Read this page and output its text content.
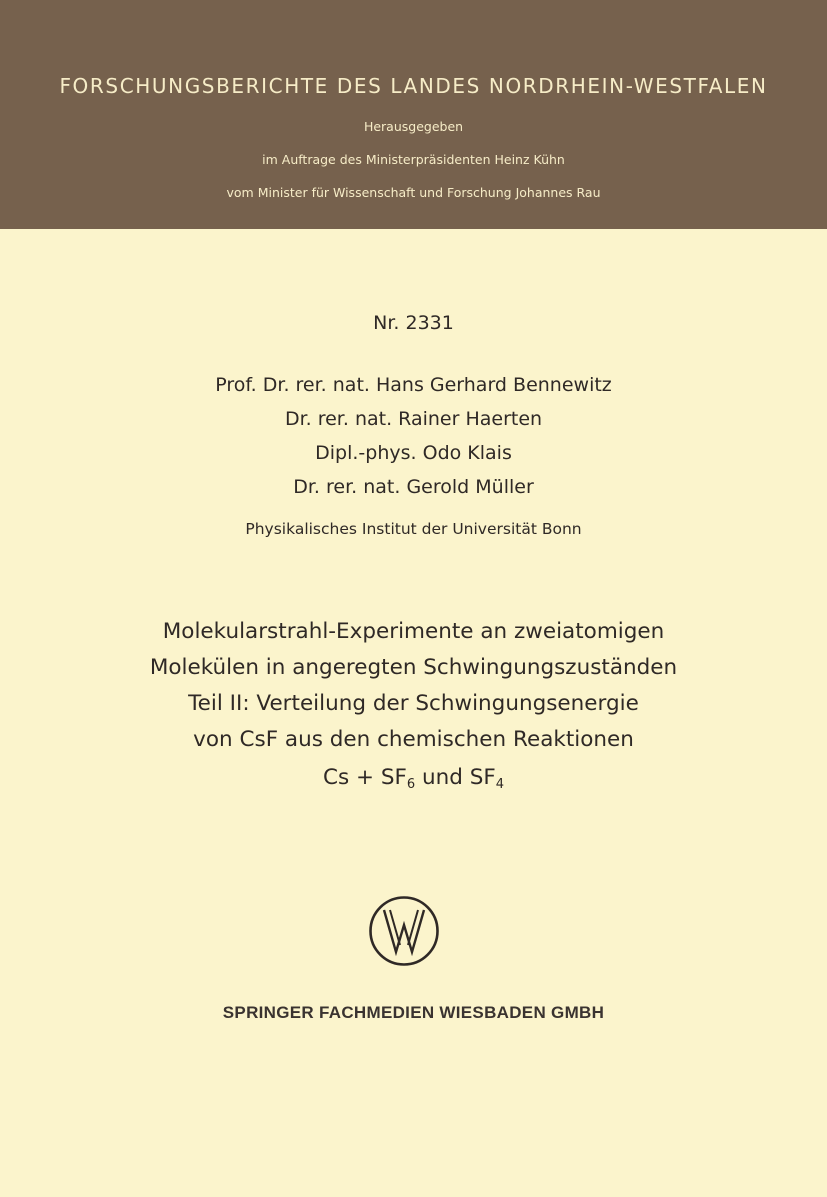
FORSCHUNGSBERICHTE DES LANDES NORDRHEIN-WESTFALEN
Herausgegeben
im Auftrage des Ministerpräsidenten Heinz Kühn
vom Minister für Wissenschaft und Forschung Johannes Rau
Nr. 2331
Prof. Dr. rer. nat. Hans Gerhard Bennewitz
Dr. rer. nat. Rainer Haerten
Dipl.-phys. Odo Klais
Dr. rer. nat. Gerold Müller
Physikalisches Institut der Universität Bonn
Molekularstrahl-Experimente an zweiatomigen
Molekülen in angeregten Schwingungszuständen
Teil II: Verteilung der Schwingungsenergie
von CsF aus den chemischen Reaktionen
$Cs + SF_6$ und $SF_4$
SPRINGER FACHMEDIEN WIESBADEN GMBH
